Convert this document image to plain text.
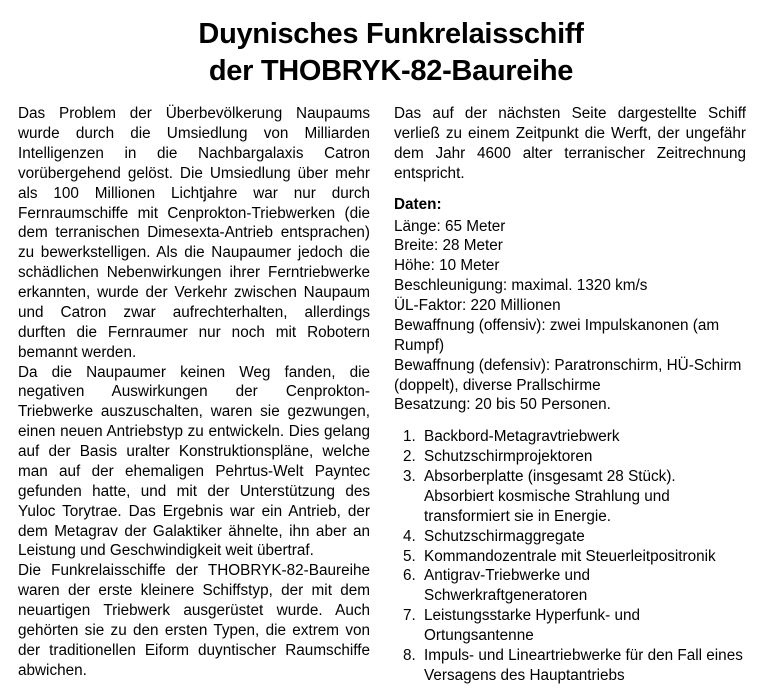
Duynisches Funkrelaisschiff
der THOBRYK-82-Baureihe

Das Problem der Überbevölkerung Naupaums wurde durch die Umsiedlung von Milliarden Intelligenzen in die Nachbargalaxis Catron vorübergehend gelöst. Die Umsiedlung über mehr als 100 Millionen Lichtjahre war nur durch Fernraumschiffe mit Cenprokton-Triebwerken (die dem terranischen Dimesexta-Antrieb entsprachen) zu bewerkstelligen. Als die Naupaumer jedoch die schädlichen Nebenwirkungen ihrer Ferntriebwerke erkannten, wurde der Verkehr zwischen Naupaum und Catron zwar aufrechterhalten, allerdings durften die Fernraumer nur noch mit Robotern bemannt werden.

Da die Naupaumer keinen Weg fanden, die negativen Auswirkungen der Cenprokton-Triebwerke auszuschalten, waren sie gezwungen, einen neuen Antriebstyp zu entwickeln. Dies gelang auf der Basis uralter Konstruktionspläne, welche man auf der ehemaligen Pehrtus-Welt Payntec gefunden hatte, und mit der Unterstützung des Yuloc Torytrae. Das Ergebnis war ein Antrieb, der dem Metagrav der Galaktiker ähnelte, ihn aber an Leistung und Geschwindigkeit weit übertraf.

Die Funkrelaisschiffe der THOBRYK-82-Baureihe waren der erste kleinere Schiffstyp, der mit dem neuartigen Triebwerk ausgerüstet wurde. Auch gehörten sie zu den ersten Typen, die extrem von der traditionellen Eiform duyntischer Raumschiffe abwichen.

Das auf der nächsten Seite dargestellte Schiff verließ zu einem Zeitpunkt die Werft, der ungefähr dem Jahr 4600 alter terranischer Zeitrechnung entspricht.

Daten:

Länge: 65 Meter

Breite: 28 Meter

Höhe: 10 Meter

Beschleunigung: maximal. 1320 km/s

ÜL-Faktor: 220 Millionen

Bewaffnung (offensiv): zwei Impulskanonen (am Rumpf)

Bewaffnung (defensiv): Paratronschirm, HÜ-Schirm (doppelt), diverse Prallschirme

Besatzung: 20 bis 50 Personen.

1. Backbord-Metagravtriebwerk
2. Schutzschirmprojektoren
3. Absorberplatte (insgesamt 28 Stück). Absorbiert kosmische Strahlung und transformiert sie in Energie.
4. Schutzschirmaggregate
5. Kommandozentrale mit Steuerleitpositronik
6. Antigrav-Triebwerke und Schwerkraftgeneratoren
7. Leistungsstarke Hyperfunk- und Ortungsantenne
8. Impuls- und Lineartriebwerke für den Fall eines Versagens des Hauptantriebs
